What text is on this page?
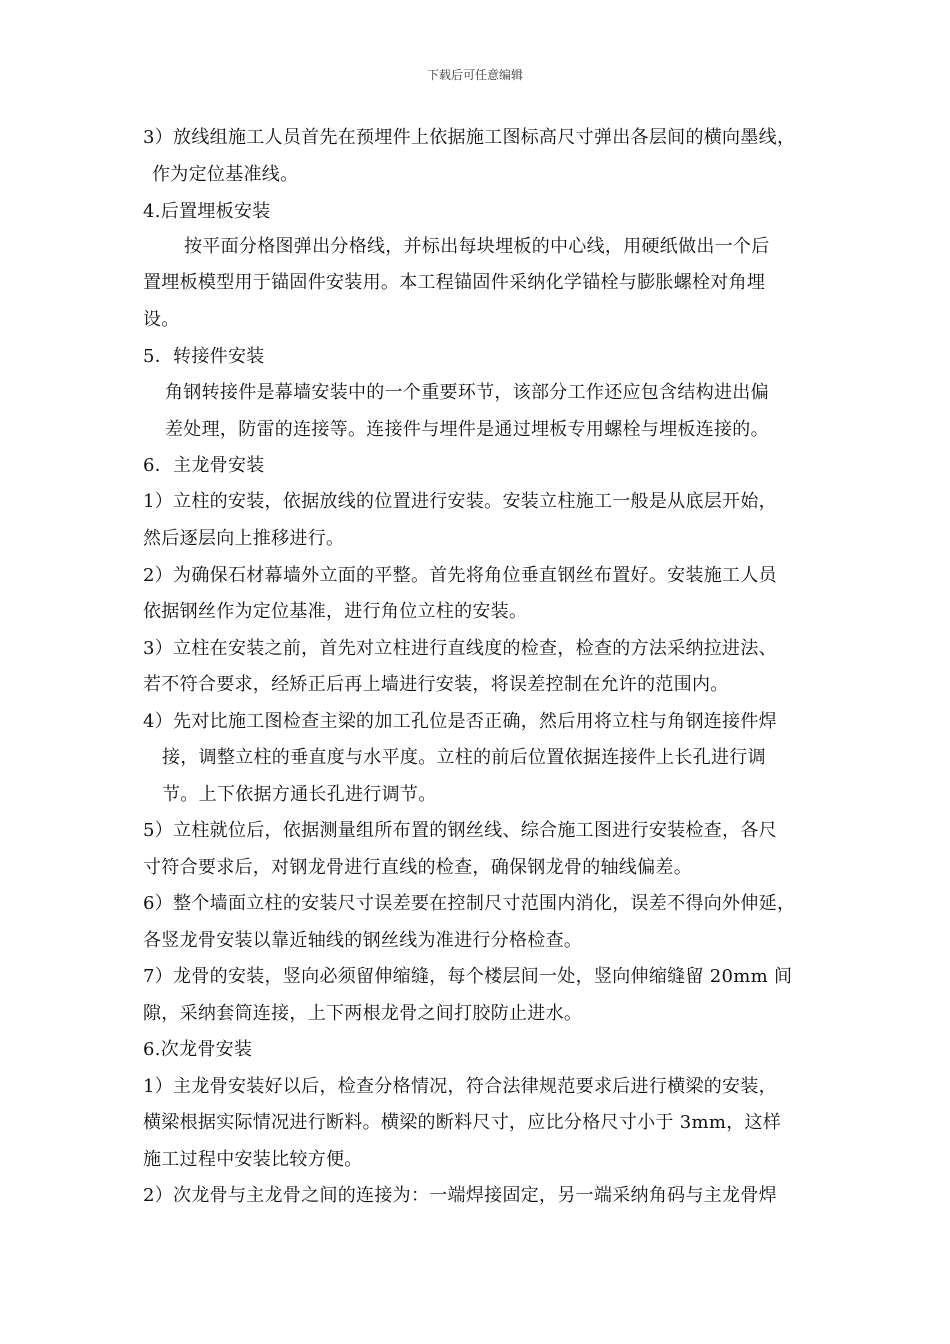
下载后可任意编辑
3）放线组施工人员首先在预埋件上依据施工图标高尺寸弹出各层间的横向墨线，
作为定位基准线。
4.后置埋板安装
按平面分格图弹出分格线，并标出每块埋板的中心线，用硬纸做出一个后
置埋板模型用于锚固件安装用。本工程锚固件采纳化学锚栓与膨胀螺栓对角埋
设。
5．转接件安装
角钢转接件是幕墙安装中的一个重要环节，该部分工作还应包含结构进出偏
差处理，防雷的连接等。连接件与埋件是通过埋板专用螺栓与埋板连接的。
6．主龙骨安装
1）立柱的安装，依据放线的位置进行安装。安装立柱施工一般是从底层开始，
然后逐层向上推移进行。
2）为确保石材幕墙外立面的平整。首先将角位垂直钢丝布置好。安装施工人员
依据钢丝作为定位基准，进行角位立柱的安装。
3）立柱在安装之前，首先对立柱进行直线度的检查，检查的方法采纳拉进法、
若不符合要求，经矫正后再上墙进行安装，将误差控制在允许的范围内。
4）先对比施工图检查主梁的加工孔位是否正确，然后用将立柱与角钢连接件焊
接，调整立柱的垂直度与水平度。立柱的前后位置依据连接件上长孔进行调
节。上下依据方通长孔进行调节。
5）立柱就位后，依据测量组所布置的钢丝线、综合施工图进行安装检查，各尺
寸符合要求后，对钢龙骨进行直线的检查，确保钢龙骨的轴线偏差。
6）整个墙面立柱的安装尺寸误差要在控制尺寸范围内消化，误差不得向外伸延，
各竖龙骨安装以靠近轴线的钢丝线为准进行分格检查。
7）龙骨的安装，竖向必须留伸缩缝，每个楼层间一处，竖向伸缩缝留 20mm 间
隙，采纳套筒连接，上下两根龙骨之间打胶防止进水。
6.次龙骨安装
1）主龙骨安装好以后，检查分格情况，符合法律规范要求后进行横梁的安装，
横梁根据实际情况进行断料。横梁的断料尺寸，应比分格尺寸小于 3mm，这样
施工过程中安装比较方便。
2）次龙骨与主龙骨之间的连接为：一端焊接固定，另一端采纳角码与主龙骨焊
